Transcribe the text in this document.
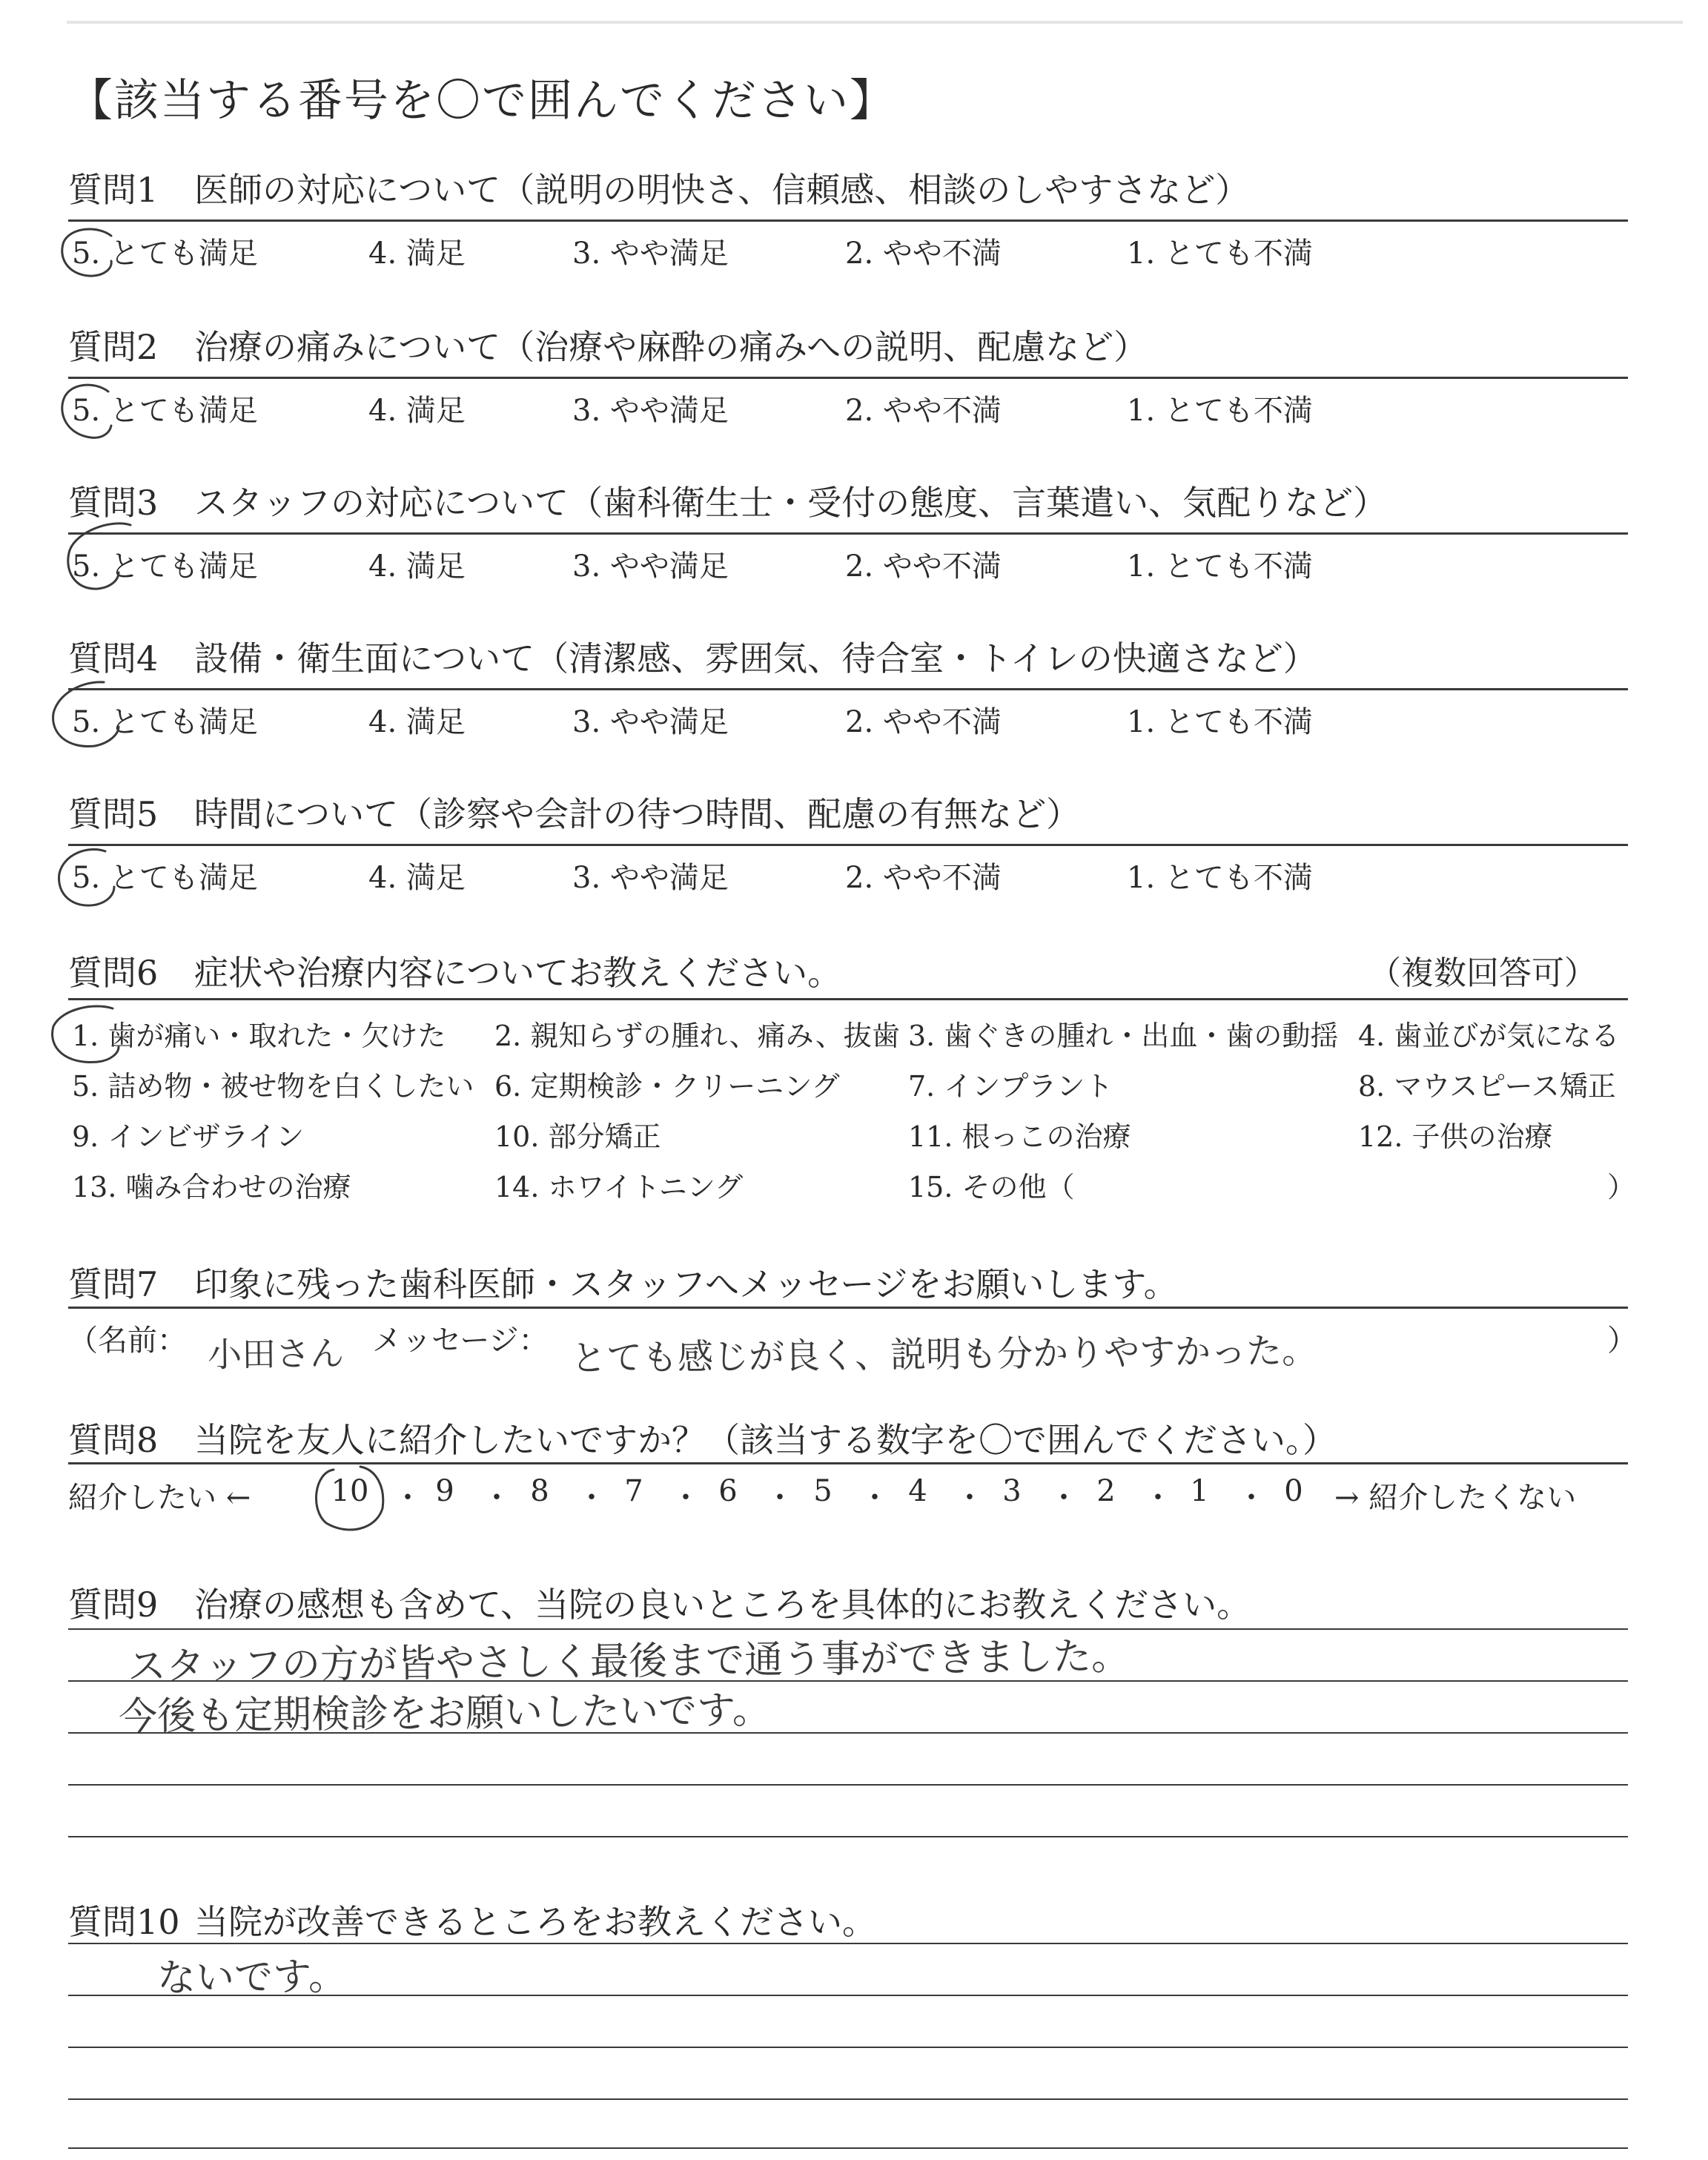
【該当する番号を〇で囲んでください】
質問1 医師の対応について（説明の明快さ、信頼感、相談のしやすさなど）
5. とても満足	4. 満足	3. やや満足	2. やや不満	1. とても不満
質問2 治療の痛みについて（治療や麻酔の痛みへの説明、配慮など）
5. とても満足	4. 満足	3. やや満足	2. やや不満	1. とても不満
質問3 スタッフの対応について（歯科衛生士・受付の態度、言葉遣い、気配りなど）
5. とても満足	4. 満足	3. やや満足	2. やや不満	1. とても不満
質問4 設備・衛生面について（清潔感、雰囲気、待合室・トイレの快適さなど）
5. とても満足	4. 満足	3. やや満足	2. やや不満	1. とても不満
質問5 時間について（診察や会計の待つ時間、配慮の有無など）
5. とても満足	4. 満足	3. やや満足	2. やや不満	1. とても不満
質問6 症状や治療内容についてお教えください。	（複数回答可）
1. 歯が痛い・取れた・欠けた 2. 親知らずの腫れ、痛み、抜歯 3. 歯ぐきの腫れ・出血・歯の動揺 4. 歯並びが気になる
5. 詰め物・被せ物を白くしたい 6. 定期検診・クリーニング 7. インプラント	8. マウスピース矯正
9. インビザライン	10. 部分矯正	11. 根っこの治療	12. 子供の治療
13. 噛み合わせの治療	14. ホワイトニング	15. その他（	）
質問7 印象に残った歯科医師・スタッフへメッセージをお願いします。
（名前： 小田さん メッセージ： とても感じが良く、説明も分かりやすかった。	）
質問8 当院を友人に紹介したいですか？（該当する数字を〇で囲んでください。）
紹介したい ←	10 ・ 9 ・ 8 ・ 7 ・ 6 ・ 5 ・ 4 ・ 3 ・ 2 ・ 1 ・ 0 → 紹介したくない
質問9 治療の感想も含めて、当院の良いところを具体的にお教えください。
スタッフの方が皆やさしく最後まで通う事ができました。
今後も定期検診をお願いしたいです。
質問10 当院が改善できるところをお教えください。
ないです。
